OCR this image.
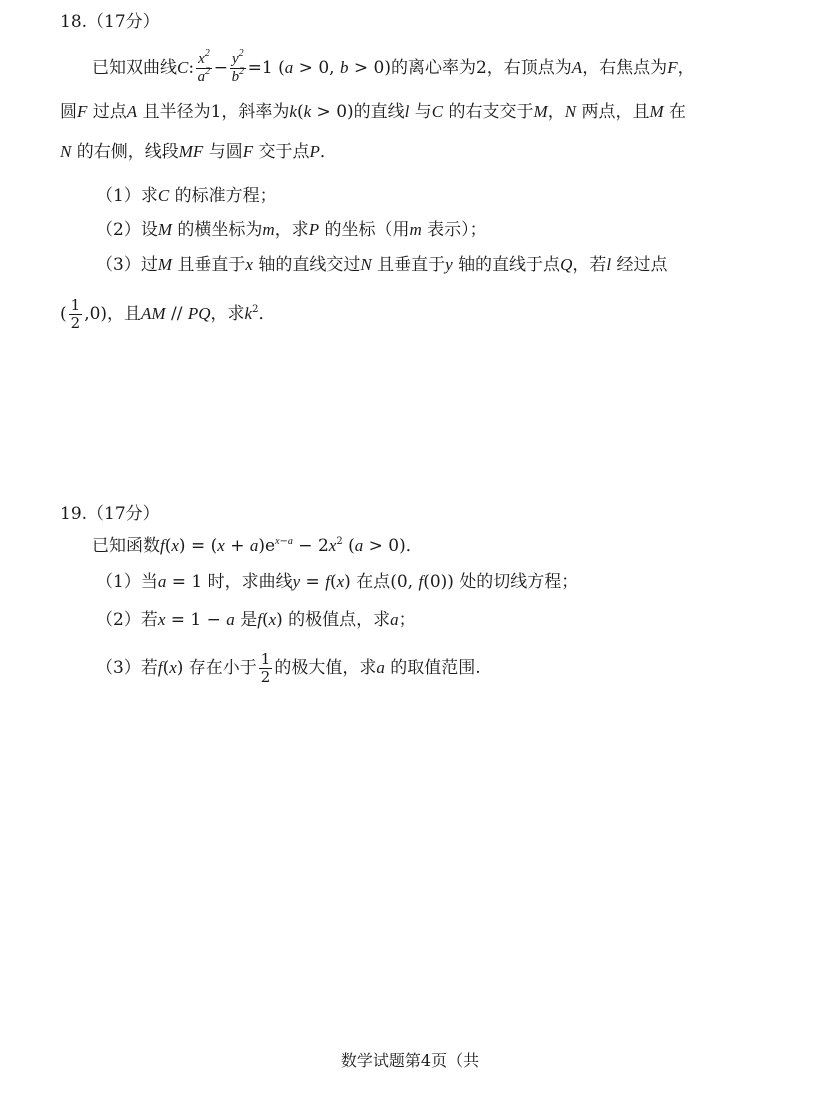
18.（17分）
已知双曲线C: $\frac{x^2}{a^2} - \frac{y^2}{b^2} =1$ (a > 0, b > 0)的离心率为2，右顶点为A，右焦点为F，
圆F 过点A 且半径为1，斜率为k(k > 0)的直线l 与C 的右支交于M，N 两点，且M 在
N 的右侧，线段MF 与圆F 交于点P．
（1）求C 的标准方程；
（2）设M 的横坐标为m，求P 的坐标（用m 表示）；
（3）过M 且垂直于x 轴的直线交过N 且垂直于y 轴的直线于点Q，若l 经过点
( $\frac{1}{2} ,0$)，且AM // PQ，求$k^2$．
19.（17分）
已知函数$f(x) = (x + a)e^{x-a} - 2x^2$ (a > 0)．
（1）当a = 1 时，求曲线y = f(x) 在点(0, f(0)) 处的切线方程；
（2）若x = 1 − a 是f(x) 的极值点，求a；
（3）若f(x) 存在小于 $\frac{1}{2}$ 的极大值，求a 的取值范围.
数学试题第4页（共
